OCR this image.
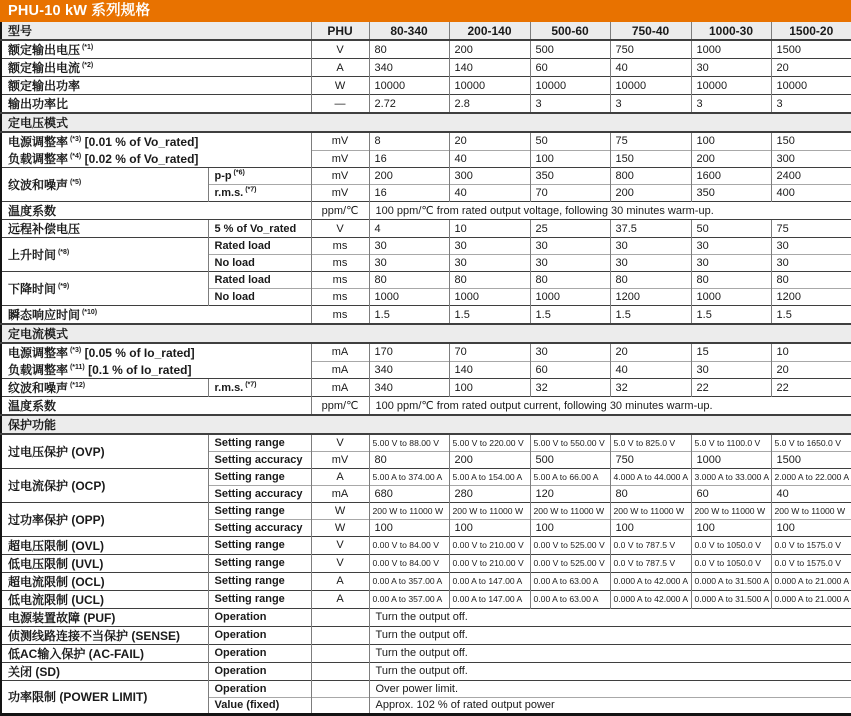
PHU-10 kW 系列规格
型号		PHU	80-340	200-140	500-60	750-40	1000-30	1500-20
额定输出电压 $^{(*1)}$		V	80	200	500	750	1000	1500
额定输出电流 $^{(*2)}$		A	340	140	60	40	30	20
额定输出功率		W	10000	10000	10000	10000	10000	10000
输出功率比		—	2.72	2.8	3	3	3	3
定电压模式								
电源调整率 $^{(*3)}$ [0.01 % of Vo_rated]		mV	8	20	50	75	100	150
负载调整率 $^{(*4)}$ [0.02 % of Vo_rated]		mV	16	40	100	150	200	300
纹波和噪声 $^{(*5)}$	p-p $^{(*6)}$	mV	200	300	350	800	1600	2400
	r.m.s. $^{(*7)}$	mV	16	40	70	200	350	400
温度系数		ppm/℃	100 ppm/℃ from rated output voltage, following 30 minutes warm-up.					
远程补偿电压	5 % of Vo_rated	V	4	10	25	37.5	50	75
上升时间 $^{(*8)}$	Rated load	ms	30	30	30	30	30	30
	No load	ms	30	30	30	30	30	30
下降时间 $^{(*9)}$	Rated load	ms	80	80	80	80	80	80
	No load	ms	1000	1000	1000	1200	1000	1200
瞬态响应时间 $^{(*10)}$		ms	1.5	1.5	1.5	1.5	1.5	1.5
定电流模式								
电源调整率 $^{(*3)}$ [0.05 % of Io_rated]		mA	170	70	30	20	15	10
负载调整率 $^{(*11)}$ [0.1 % of Io_rated]		mA	340	140	60	40	30	20
纹波和噪声 $^{(*12)}$	r.m.s. $^{(*7)}$	mA	340	100	32	32	22	22
温度系数		ppm/℃	100 ppm/℃ from rated output current, following 30 minutes warm-up.					
保护功能								
过电压保护 (OVP)	Setting range	V	5.00 V to 88.00 V	5.00 V to 220.00 V	5.00 V to 550.00 V	5.0 V to 825.0 V	5.0 V to 1100.0 V	5.0 V to 1650.0 V
	Setting accuracy	mV	80	200	500	750	1000	1500
过电流保护 (OCP)	Setting range	A	5.00 A to 374.00 A	5.00 A to 154.00 A	5.00 A to 66.00 A	4.000 A to 44.000 A	3.000 A to 33.000 A	2.000 A to 22.000 A
	Setting accuracy	mA	680	280	120	80	60	40
过功率保护 (OPP)	Setting range	W	200 W to 11000 W	200 W to 11000 W	200 W to 11000 W	200 W to 11000 W	200 W to 11000 W	200 W to 11000 W
	Setting accuracy	W	100	100	100	100	100	100
超电压限制 (OVL)	Setting range	V	0.00 V to 84.00 V	0.00 V to 210.00 V	0.00 V to 525.00 V	0.0 V to 787.5 V	0.0 V to 1050.0 V	0.0 V to 1575.0 V
低电压限制 (UVL)	Setting range	V	0.00 V to 84.00 V	0.00 V to 210.00 V	0.00 V to 525.00 V	0.0 V to 787.5 V	0.0 V to 1050.0 V	0.0 V to 1575.0 V
超电流限制 (OCL)	Setting range	A	0.00 A to 357.00 A	0.00 A to 147.00 A	0.00 A to 63.00 A	0.000 A to 42.000 A	0.000 A to 31.500 A	0.000 A to 21.000 A
低电流限制 (UCL)	Setting range	A	0.00 A to 357.00 A	0.00 A to 147.00 A	0.00 A to 63.00 A	0.000 A to 42.000 A	0.000 A to 31.500 A	0.000 A to 21.000 A
电源装置故障 (PUF)	Operation		Turn the output off.					
侦测线路连接不当保护 (SENSE)	Operation		Turn the output off.					
低AC输入保护 (AC-FAIL)	Operation		Turn the output off.					
关闭 (SD)	Operation		Turn the output off.					
功率限制 (POWER LIMIT)	Operation		Over power limit.					
	Value (fixed)		Approx. 102 % of rated output power					
